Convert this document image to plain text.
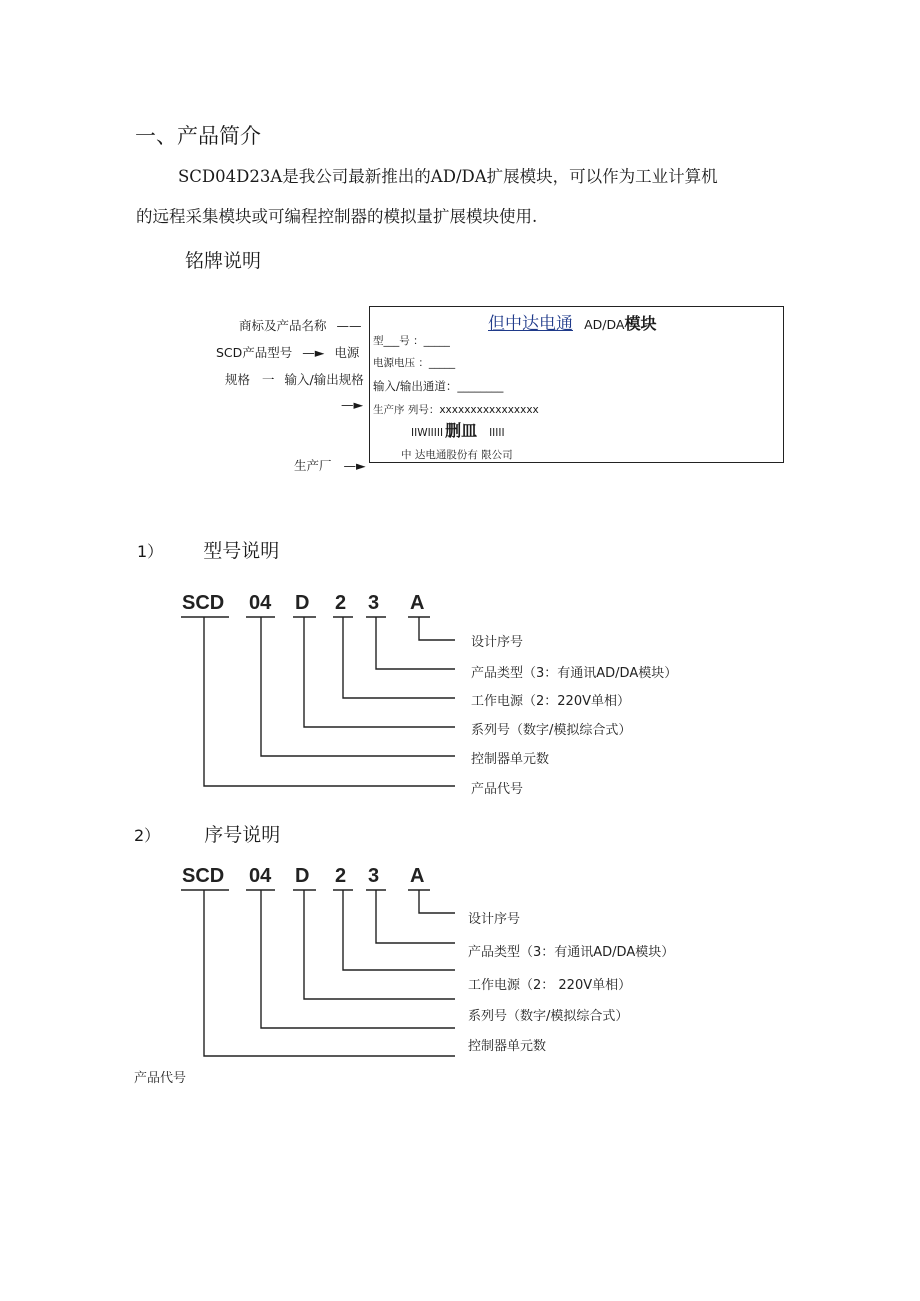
一、产品简介
SCD04D23A是我公司最新推出的AD/DA扩展模块，可以作为工业计算机
的远程采集模块或可编程控制器的模拟量扩展模块使用.
铭牌说明
商标及产品名称 ——
SCD产品型号 —► 电源
规格 一 输入/输出规格
—►
生产厂 —►
但中达电通 AD/DA模块
型___号 ：_____
电源电压 ：_____
输入/输出通道：________
生产序 列号：xxxxxxxxxxxxxxxx
IIWIIIII 删皿 IIIII
中 达电通股份有 限公司
1） 型号说明
SCD 04 D 2 3 A
设计序号
产品类型（3：有通讯AD/DA模块）
工作电源（2：220V单相）
系列号（数字/模拟综合式）
控制器单元数
产品代号
2） 序号说明
SCD 04 D 2 3 A
设计序号
产品类型（3：有通讯AD/DA模块）
工作电源（2： 220V单相）
系列号（数字/模拟综合式）
控制器单元数
产品代号
